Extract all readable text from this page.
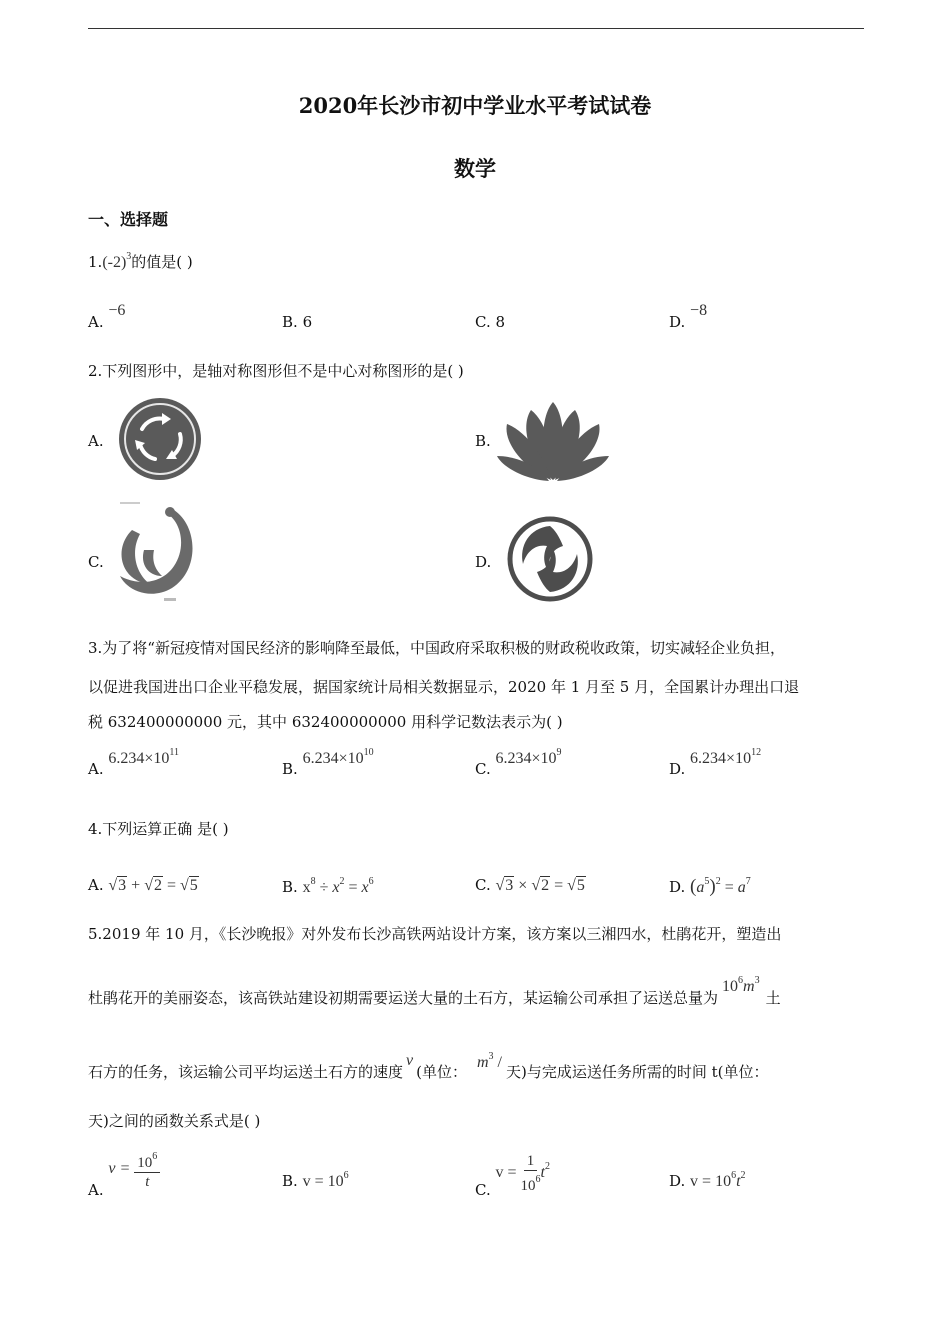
2020年长沙市初中学业水平考试试卷
数学
一、选择题
$1.(-2)^3$的值是( )
A. −6
B. 6	C. 8	D. −8
2.下列图形中，是轴对称图形但不是中心对称图形的是( )
A.	B.
C.	D.
3.为了将“新冠疫情对国民经济的影响降至最低，中国政府采取积极的财政税收政策，切实减轻企业负担，
以促进我国进出口企业平稳发展，据国家统计局相关数据显示，2020 年 1 月至 5 月，全国累计办理出口退
税 632400000000 元，其中 632400000000 用科学记数法表示为( )
A. $6.234\times 10^{11}$
B. $6.234\times 10^{10}$
C. $6.234\times 10^9$
D. $6.234\times 10^{12}$
4.下列运算正确 是( )
A. √3 + √2 = √5	B. $x^8 \div x^2 = x^6$	C. √3 × √2 = √5	D. $(a^5)^2 = a^7$
5.2019 年 10 月，《长沙晚报》对外发布长沙高铁两站设计方案，该方案以三湘四水，杜鹃花开，塑造出
杜鹃花开的美丽姿态，该高铁站建设初期需要运送大量的土石方，某运输公司承担了运送总量为$10^6m^3$土
石方的任务，该运输公司平均运送土石方的速度v(单位：$m^3$ /天)与完成运送任务所需的时间 t(单位：
天)之间的函数关系式是( )
A. $v = \frac{10^6}{t}$	B. $v = 10^6$
C. $v = \frac{1}{10^6} t^2$
D. $v = 10^6t^2$
